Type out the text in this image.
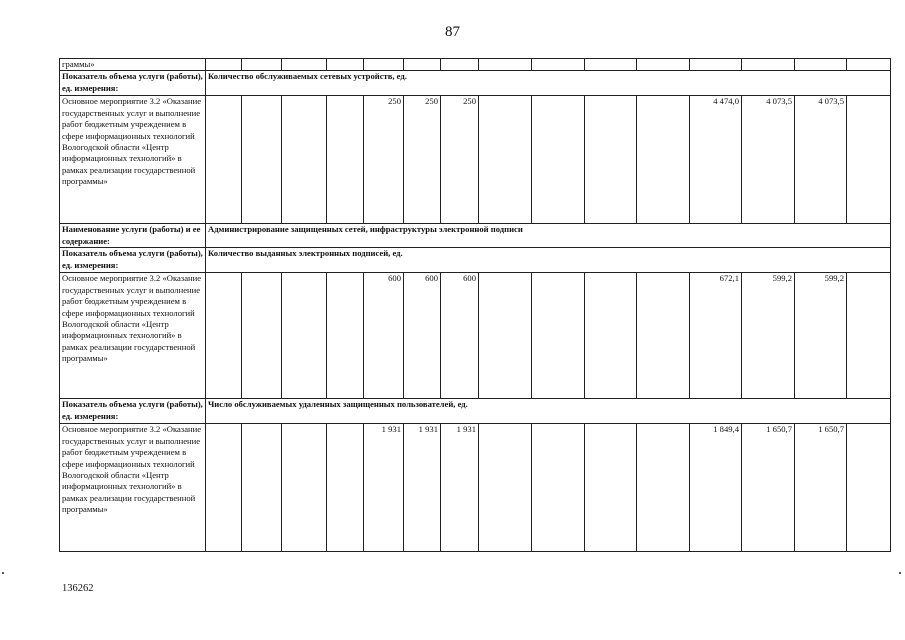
87
граммы»															
Показатель объема услуги (работы), ед. измерения:	Количество обслуживаемых сетевых устройств, ед.														
Основное мероприятие 3.2 «Оказание государственных услуг и выполнение работ бюджетным учреждением в сфере информационных технологий Вологодской области «Центр информационных технологий» в рамках реализации государственной программы»					250	250	250					4 474,0	4 073,5	4 073,5	
Наименование услуги (работы) и ее содержание:	Администрирование защищенных сетей, инфраструктуры электронной подписи														
Показатель объема услуги (работы), ед. измерения:	Количество выданных электронных подписей, ед.														
Основное мероприятие 3.2 «Оказание государственных услуг и выполнение работ бюджетным учреждением в сфере информационных технологий Вологодской области «Центр информационных технологий» в рамках реализации государственной программы»					600	600	600					672,1	599,2	599,2	
Показатель объема услуги (работы), ед. измерения:	Число обслуживаемых удаленных защищенных пользователей, ед.														
Основное мероприятие 3.2 «Оказание государственных услуг и выполнение работ бюджетным учреждением в сфере информационных технологий Вологодской области «Центр информационных технологий» в рамках реализации государственной программы»					1 931	1 931	1 931					1 849,4	1 650,7	1 650,7	
136262
